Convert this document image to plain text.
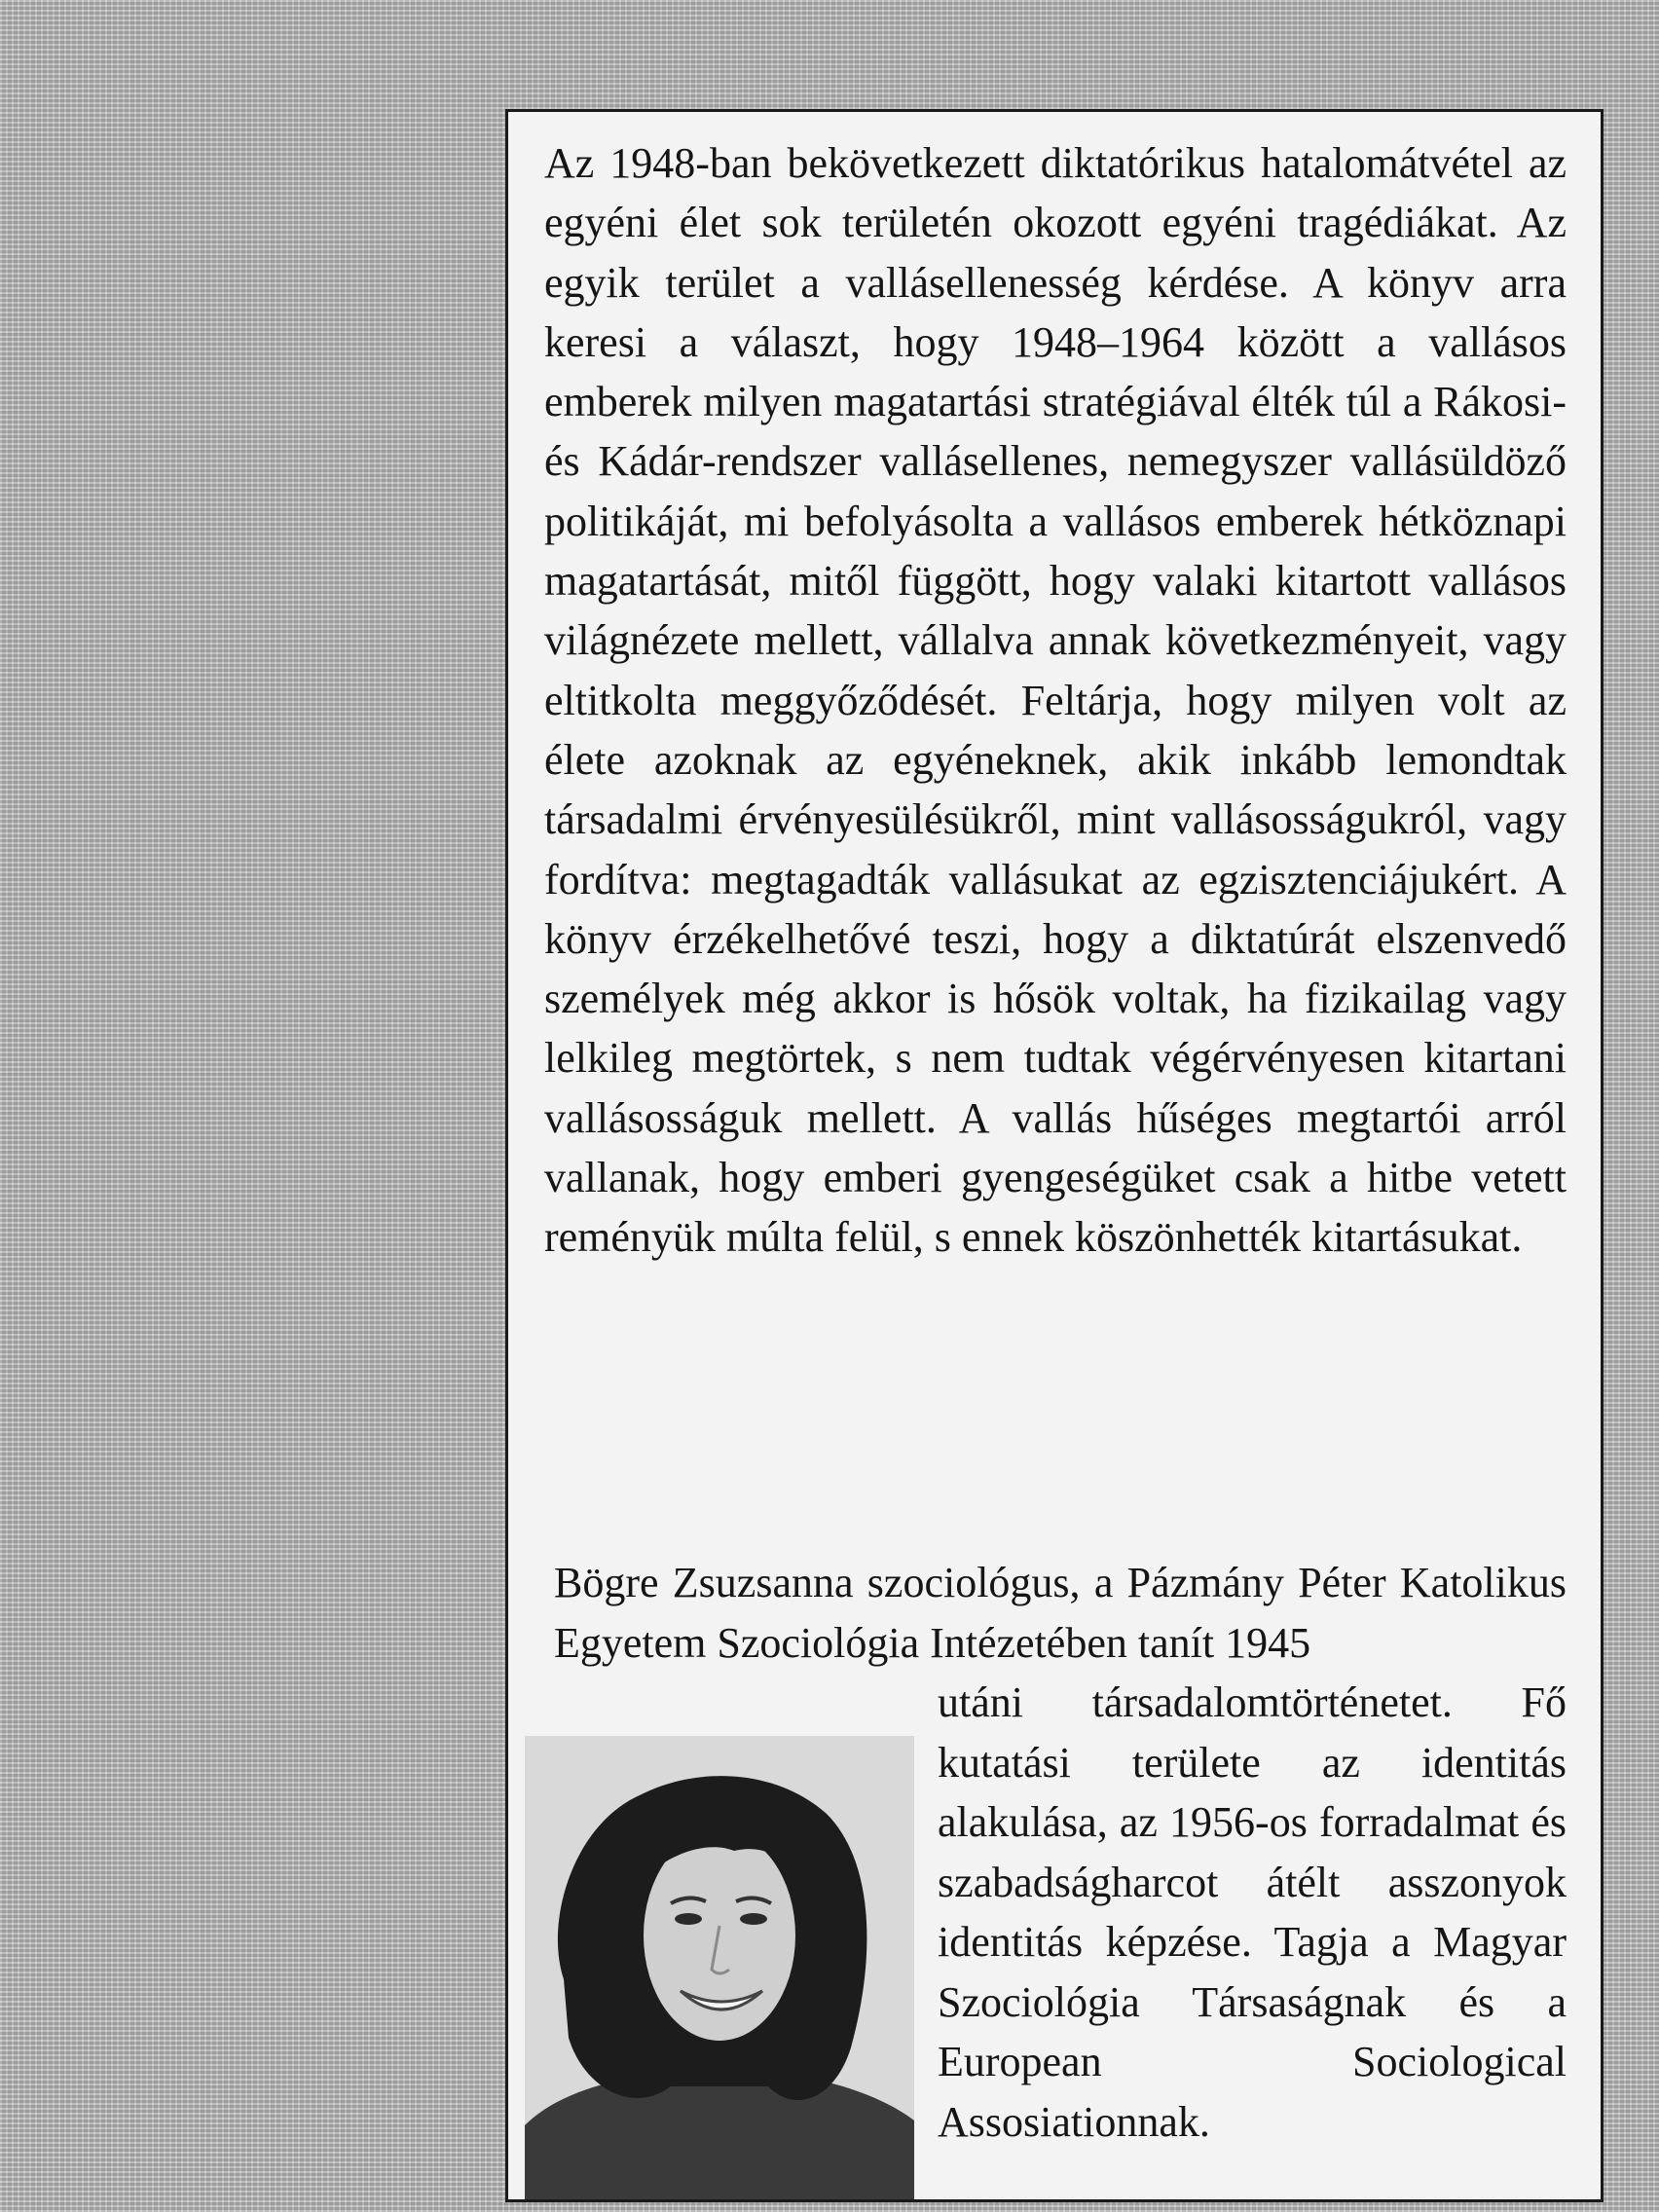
Az 1948-ban bekövetkezett diktatórikus hatalomátvétel az egyéni élet sok területén okozott egyéni tragédiákat. Az egyik terület a vallásellenesség kérdése. A könyv arra keresi a választ, hogy 1948–1964 között a vallásos emberek milyen magatartási stratégiával élték túl a Rákosi- és Kádár-rendszer vallásellenes, nemegyszer vallásüldöző politikáját, mi befolyásolta a vallásos emberek hétköznapi magatartását, mitől függött, hogy valaki kitartott vallásos világnézete mellett, vállalva annak következményeit, vagy eltitkolta meggyőződését. Feltárja, hogy milyen volt az élete azoknak az egyéneknek, akik inkább lemondtak társadalmi érvényesülésükről, mint vallásosságukról, vagy fordítva: megtagadták vallásukat az egzisztenciájukért. A könyv érzékelhetővé teszi, hogy a diktatúrát elszenvedő személyek még akkor is hősök voltak, ha fizikailag vagy lelkileg megtörtek, s nem tudtak végérvényesen kitartani vallásosságuk mellett. A vallás hűséges megtartói arról vallanak, hogy emberi gyengeségüket csak a hitbe vetett reményük múlta felül, s ennek köszönhették kitartásukat.

Bögre Zsuzsanna szociológus, a Pázmány Péter Katolikus Egyetem Szociológia Intézetében tanít 1945

utáni társadalomtörténetet. Fő kutatási területe az identitás alakulása, az 1956-os forradalmat és szabadságharcot átélt asszonyok identitás képzése. Tagja a Magyar Szociológia Társaságnak és a European Sociological Assosiationnak.
